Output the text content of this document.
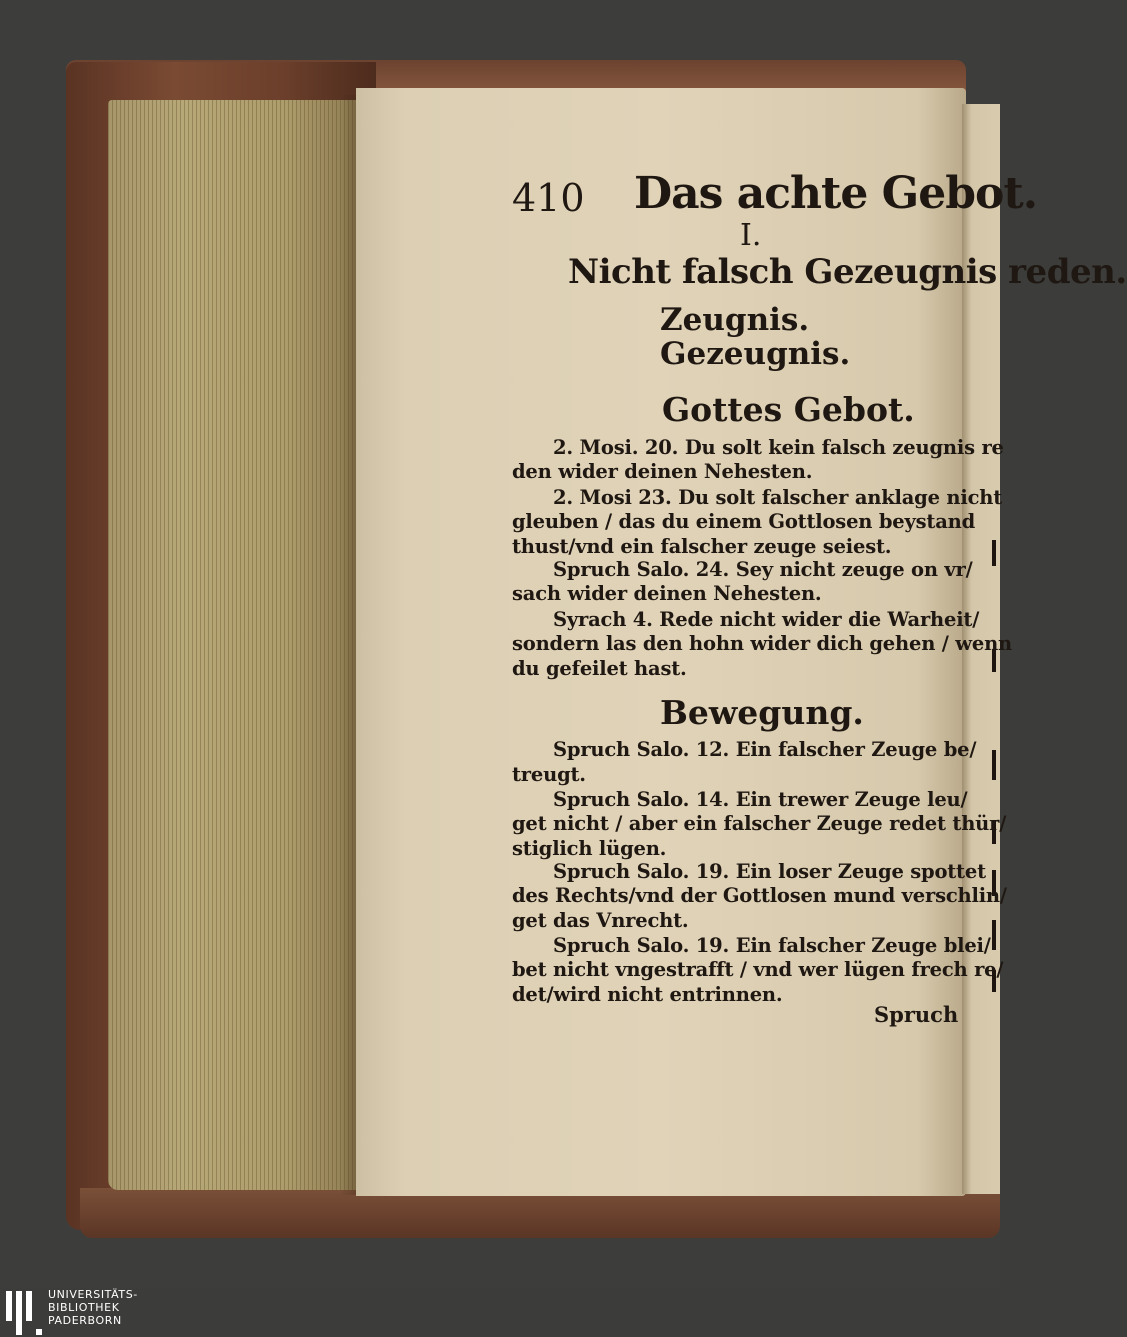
410 Das achte Gebot.
I.
Nicht falsch Gezeugnis reden.
Zeugnis.
Gezeugnis.
Gottes Gebot.
2. Mosi. 20. Du solt kein falsch zeugnis re
den wider deinen Nehesten.
2. Mosi 23. Du solt falscher anklage nicht
gleuben / das du einem Gottlosen beystand
thust/vnd ein falscher zeuge seiest.
Spruch Salo. 24. Sey nicht zeuge on vr/
sach wider deinen Nehesten.
Syrach 4. Rede nicht wider die Warheit/
sondern las den hohn wider dich gehen / wenn
du gefeilet hast.
Bewegung.
Spruch Salo. 12. Ein falscher Zeuge be/
treugt.
Spruch Salo. 14. Ein trewer Zeuge leu/
get nicht / aber ein falscher Zeuge redet thür/
stiglich lügen.
Spruch Salo. 19. Ein loser Zeuge spottet
des Rechts/vnd der Gottlosen mund verschlin/
get das Vnrecht.
Spruch Salo. 19. Ein falscher Zeuge blei/
bet nicht vngestrafft / vnd wer lügen frech re/
det/wird nicht entrinnen.
Spruch
UNIVERSITÄTS-
BIBLIOTHEK
PADERBORN
